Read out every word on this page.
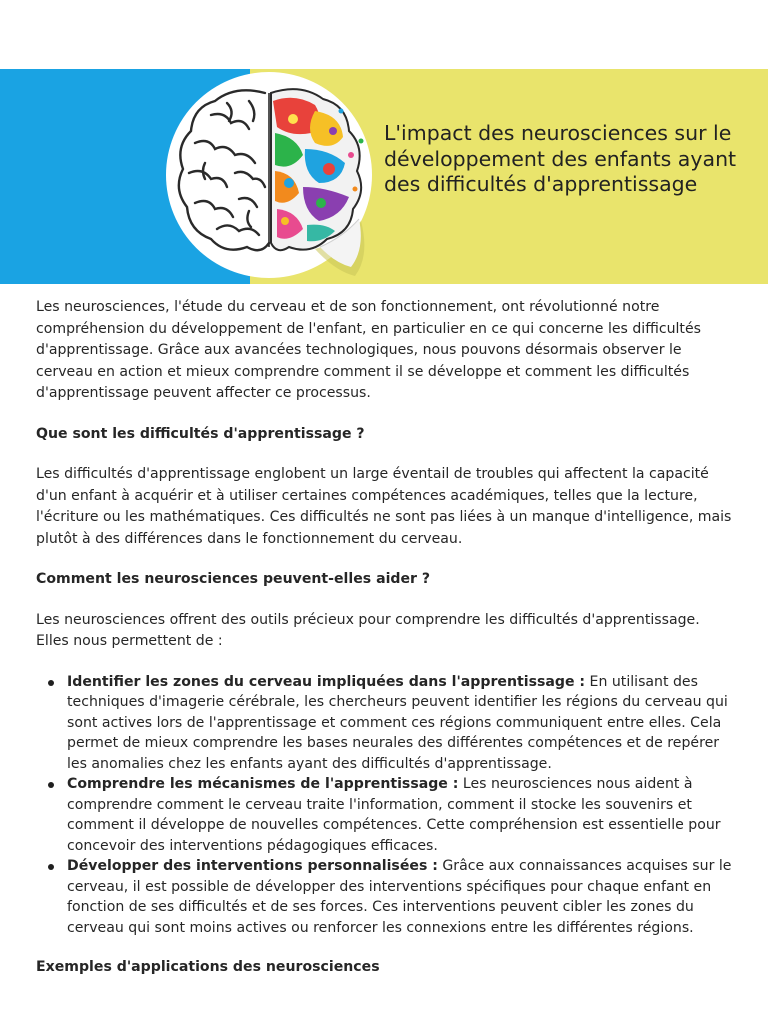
L'impact des neurosciences sur le développement des enfants ayant des difficultés d'apprentissage

Les neurosciences, l'étude du cerveau et de son fonctionnement, ont révolutionné notre compréhension du développement de l'enfant, en particulier en ce qui concerne les difficultés d'apprentissage. Grâce aux avancées technologiques, nous pouvons désormais observer le cerveau en action et mieux comprendre comment il se développe et comment les difficultés d'apprentissage peuvent affecter ce processus.

Que sont les difficultés d'apprentissage ?

Les difficultés d'apprentissage englobent un large éventail de troubles qui affectent la capacité d'un enfant à acquérir et à utiliser certaines compétences académiques, telles que la lecture, l'écriture ou les mathématiques. Ces difficultés ne sont pas liées à un manque d'intelligence, mais plutôt à des différences dans le fonctionnement du cerveau.

Comment les neurosciences peuvent-elles aider ?

Les neurosciences offrent des outils précieux pour comprendre les difficultés d'apprentissage. Elles nous permettent de :

Identifier les zones du cerveau impliquées dans l'apprentissage : En utilisant des techniques d'imagerie cérébrale, les chercheurs peuvent identifier les régions du cerveau qui sont actives lors de l'apprentissage et comment ces régions communiquent entre elles. Cela permet de mieux comprendre les bases neurales des différentes compétences et de repérer les anomalies chez les enfants ayant des difficultés d'apprentissage.
Comprendre les mécanismes de l'apprentissage : Les neurosciences nous aident à comprendre comment le cerveau traite l'information, comment il stocke les souvenirs et comment il développe de nouvelles compétences. Cette compréhension est essentielle pour concevoir des interventions pédagogiques efficaces.
Développer des interventions personnalisées : Grâce aux connaissances acquises sur le cerveau, il est possible de développer des interventions spécifiques pour chaque enfant en fonction de ses difficultés et de ses forces. Ces interventions peuvent cibler les zones du cerveau qui sont moins actives ou renforcer les connexions entre les différentes régions.
Exemples d'applications des neurosciences
